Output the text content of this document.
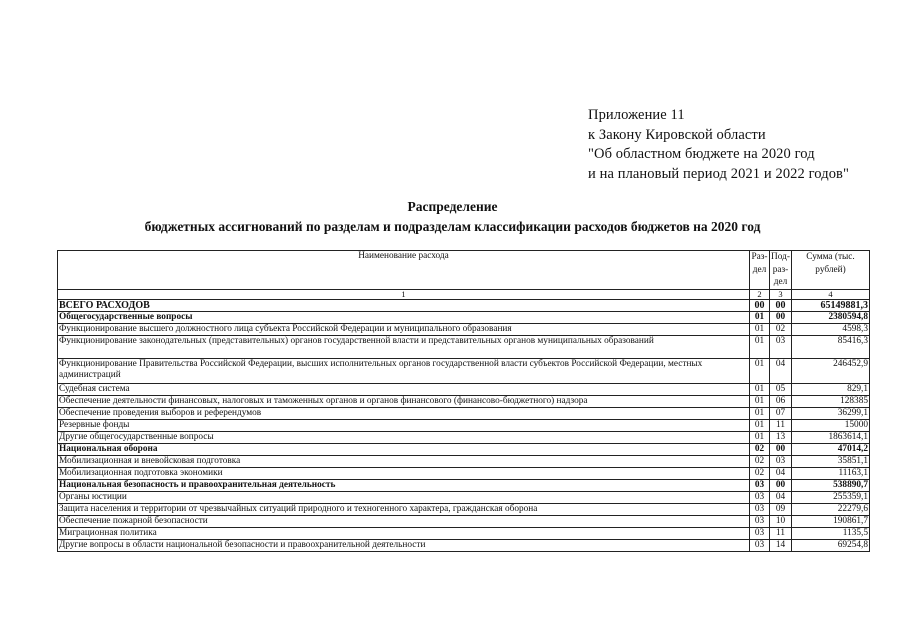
Приложение 11
к Закону Кировской области
"Об областном бюджете на 2020 год
и на плановый период 2021 и 2022 годов"
Распределение
бюджетных ассигнований по разделам и подразделам классификации расходов бюджетов на 2020 год
Наименование расхода	Раз-дел	Под-раз-дел	Сумма (тыс. рублей)
1	2	3	4
ВСЕГО РАСХОДОВ	00	00	65149881,3
Общегосударственные вопросы	01	00	2380594,8
Функционирование высшего должностного лица субъекта Российской Федерации и муниципального образования	01	02	4598,3
Функционирование законодательных (представительных) органов государственной власти и представительных органов муниципальных образований	01	03	85416,3
Функционирование Правительства Российской Федерации, высших исполнительных органов государственной власти субъектов Российской Федерации, местных администраций	01	04	246452,9
Судебная система	01	05	829,1
Обеспечение деятельности финансовых, налоговых и таможенных органов и органов финансового (финансово-бюджетного) надзора	01	06	128385
Обеспечение проведения выборов и референдумов	01	07	36299,1
Резервные фонды	01	11	15000
Другие общегосударственные вопросы	01	13	1863614,1
Национальная оборона	02	00	47014,2
Мобилизационная и вневойсковая подготовка	02	03	35851,1
Мобилизационная подготовка экономики	02	04	11163,1
Национальная безопасность и правоохранительная деятельность	03	00	538890,7
Органы юстиции	03	04	255359,1
Защита населения и территории от чрезвычайных ситуаций природного и техногенного характера, гражданская оборона	03	09	22279,6
Обеспечение пожарной безопасности	03	10	190861,7
Миграционная политика	03	11	1135,5
Другие вопросы в области национальной безопасности и правоохранительной деятельности	03	14	69254,8
